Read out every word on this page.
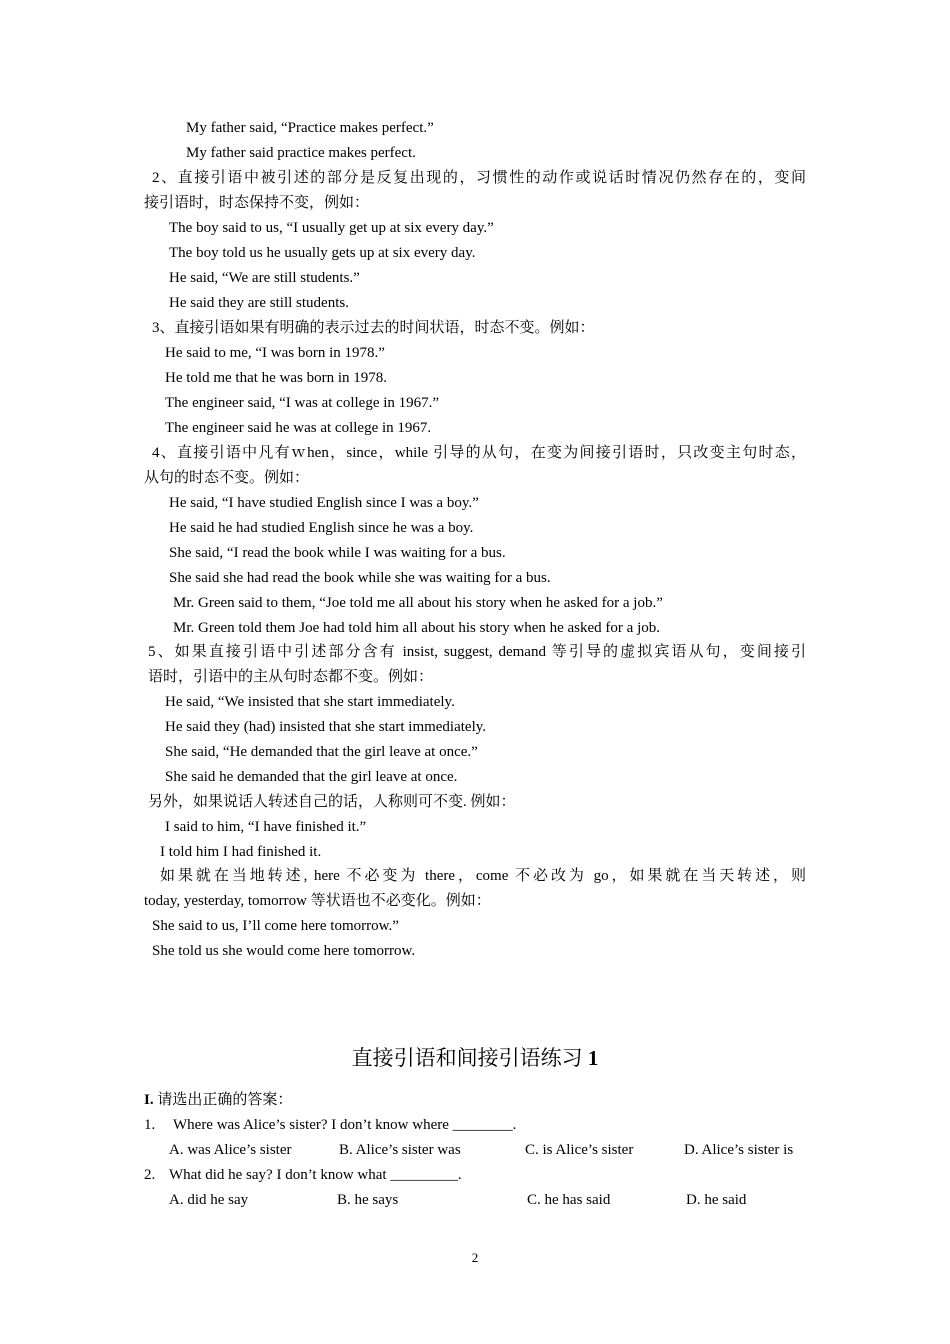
My father said, “Practice makes perfect.”
My father said practice makes perfect.
2、直接引语中被引述的部分是反复出现的，习惯性的动作或说话时情况仍然存在的，变间
接引语时，时态保持不变，例如：
The boy said to us, “I usually get up at six every day.”
The boy told us he usually gets up at six every day.
He said, “We are still students.”
He said they are still students.
3、直接引语如果有明确的表示过去的时间状语，时态不变。例如：
He said to me, “I was born in 1978.”
He told me that he was born in 1978.
The engineer said, “I was at college in 1967.”
The engineer said he was at college in 1967.
4、直接引语中凡有ｗhen，since，while 引导的从句，在变为间接引语时，只改变主句时态，
从句的时态不变。例如：
He said, “I have studied English since I was a boy.”
He said he had studied English since he was a boy.
She said, “I read the book while I was waiting for a bus.
She said she had read the book while she was waiting for a bus.
Mr. Green said to them, “Joe told me all about his story when he asked for a job.”
Mr. Green told them Joe had told him all about his story when he asked for a job.
5、如果直接引语中引述部分含有 insist, suggest, demand 等引导的虚拟宾语从句，变间接引
语时，引语中的主从句时态都不变。例如：
He said, “We insisted that she start immediately.
He said they (had) insisted that she start immediately.
She said, “He demanded that the girl leave at once.”
She said he demanded that the girl leave at once.
另外，如果说话人转述自己的话，人称则可不变. 例如：
I said to him, “I have finished it.”
I told him I had finished it.
如果就在当地转述, here 不必变为 there，come 不必改为 go，如果就在当天转述，则
today, yesterday, tomorrow 等状语也不必变化。例如：
She said to us, I’ll come here tomorrow.”
She told us she would come here tomorrow.
直接引语和间接引语练习 1
I. 请选出正确的答案：
1. Where was Alice’s sister? I don’t know where ________.
A. was Alice’s sister	B. Alice’s sister was	C. is Alice’s sister	D. Alice’s sister is
2. What did he say? I don’t know what _________.
A. did he say	B. he says	C. he has said	D. he said
2
